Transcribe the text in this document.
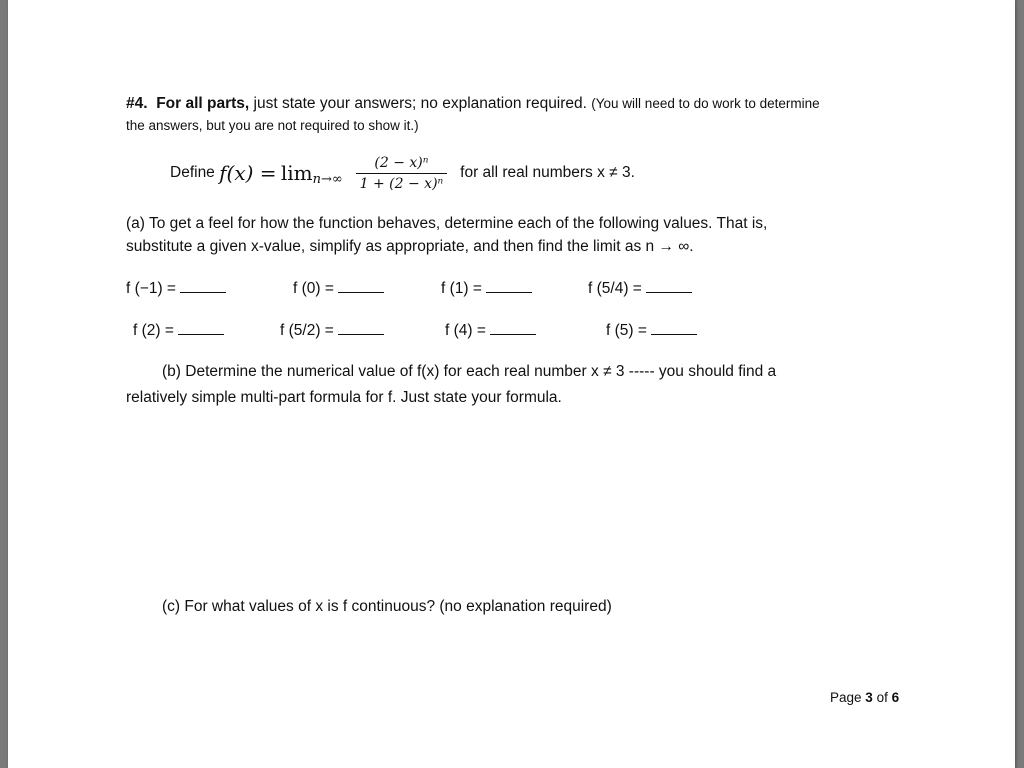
#4. For all parts, just state your answers; no explanation required. (You will need to do work to determine
the answers, but you are not required to show it.)
Define
f(x) =
lim n→∞
$\frac{\text{(2 − x)ⁿ}}{\text{1 + (2 − x)ⁿ}}$
for all real numbers x ≠ 3.
(a) To get a feel for how the function behaves, determine each of the following values. That is,
substitute a given x-value, simplify as appropriate, and then find the limit as n → ∞.
f (−1) =	f (0) =	f (1) =	f (5/4) =
f (2) =	f (5/2) =	f (4) =	f (5) =
(b) Determine the numerical value of f(x) for each real number x ≠ 3 ----- you should find a
relatively simple multi-part formula for f. Just state your formula.
(c) For what values of x is f continuous? (no explanation required)
Page 3 of 6
